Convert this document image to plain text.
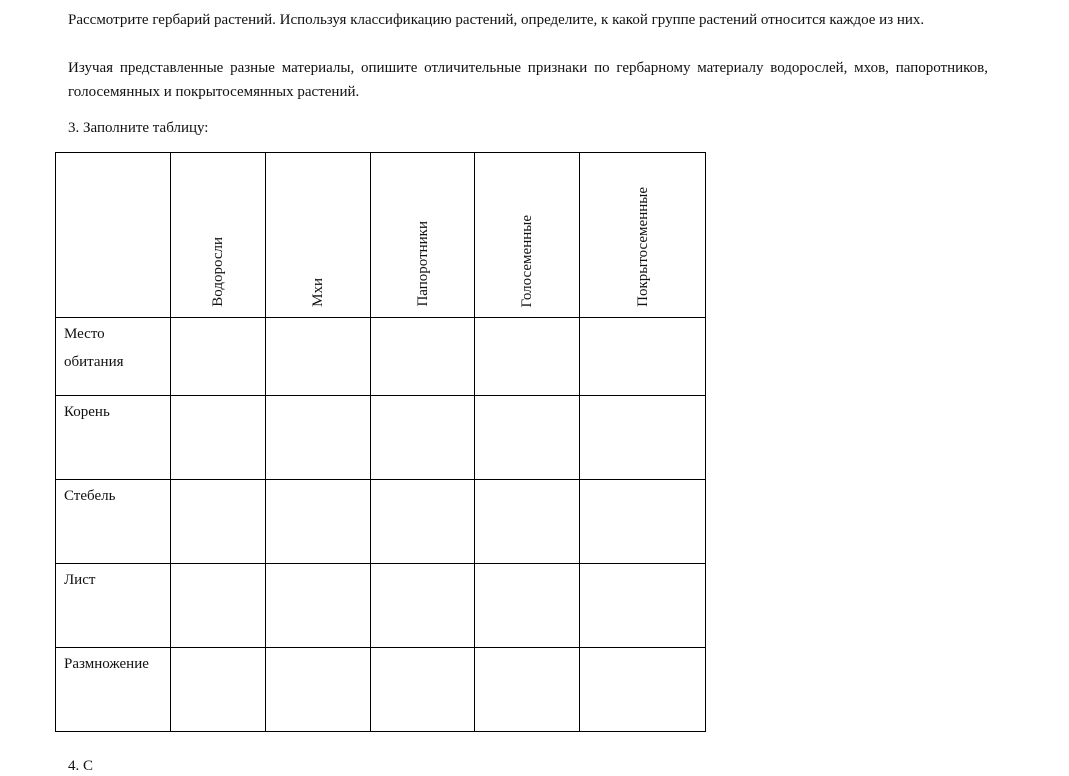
Рассмотрите гербарий растений. Используя классификацию растений, определите, к какой группе растений относится каждое из них.

Изучая представленные разные материалы, опишите отличительные признаки по гербарному материалу водорослей, мхов, папоротников, голосемянных и покрытосемянных растений.

3. Заполните таблицу:

	Водоросли	Мхи	Папоротники	Голосеменные	Покрытосеменные

Место обитания					
Корень					
Стебель					
Лист					
Размножение					

4. С
